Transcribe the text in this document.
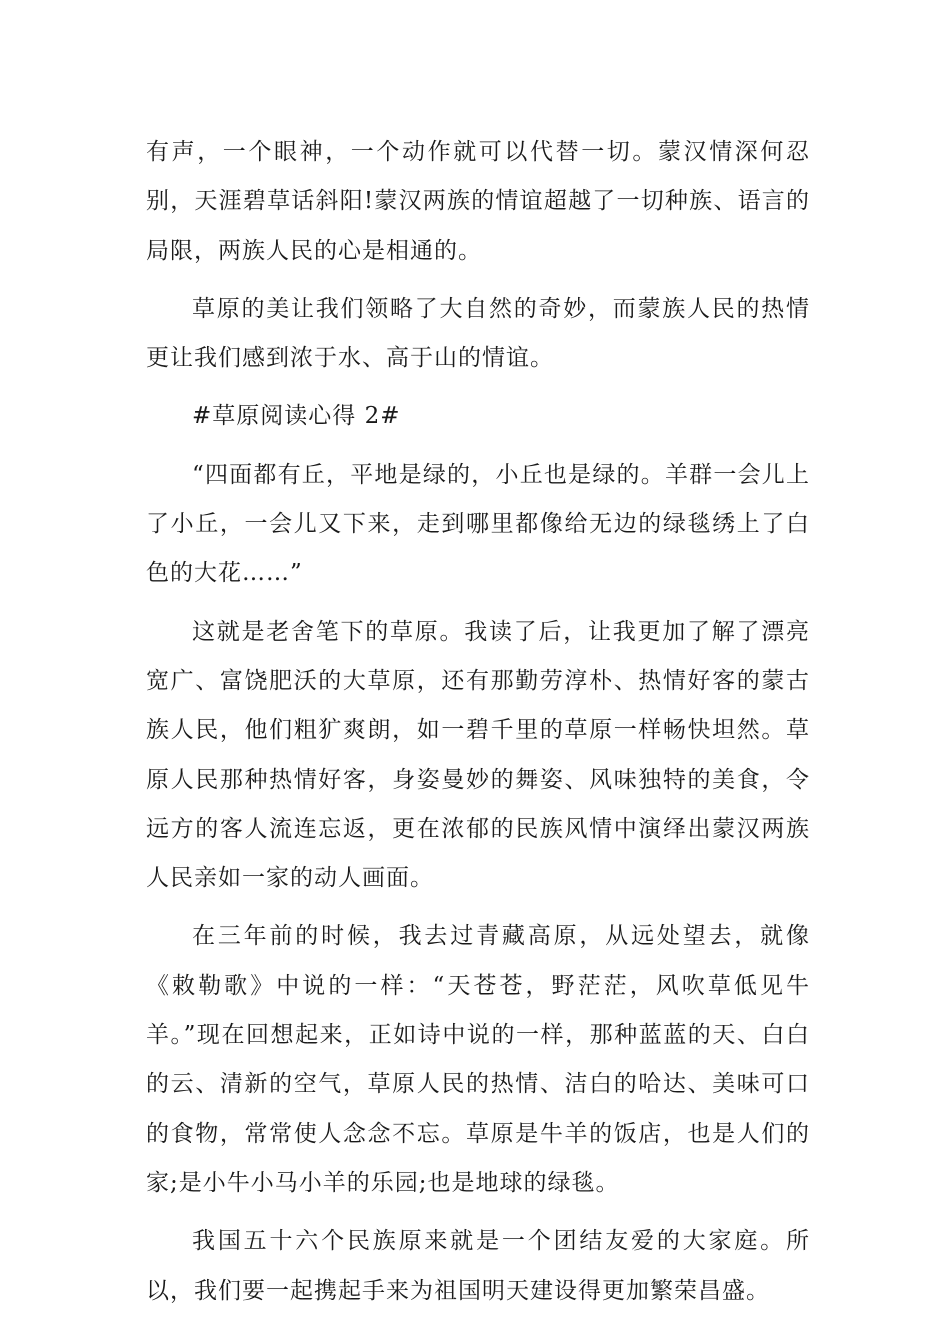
有声，一个眼神，一个动作就可以代替一切。蒙汉情深何忍别，天涯碧草话斜阳!蒙汉两族的情谊超越了一切种族、语言的局限，两族人民的心是相通的。

草原的美让我们领略了大自然的奇妙，而蒙族人民的热情更让我们感到浓于水、高于山的情谊。

#草原阅读心得 2#

“四面都有丘，平地是绿的，小丘也是绿的。羊群一会儿上了小丘，一会儿又下来，走到哪里都像给无边的绿毯绣上了白色的大花……”

这就是老舍笔下的草原。我读了后，让我更加了解了漂亮宽广、富饶肥沃的大草原，还有那勤劳淳朴、热情好客的蒙古族人民，他们粗犷爽朗，如一碧千里的草原一样畅快坦然。草原人民那种热情好客，身姿曼妙的舞姿、风味独特的美食，令远方的客人流连忘返，更在浓郁的民族风情中演绎出蒙汉两族人民亲如一家的动人画面。

在三年前的时候，我去过青藏高原，从远处望去，就像《敕勒歌》中说的一样：“天苍苍，野茫茫，风吹草低见牛羊。”现在回想起来，正如诗中说的一样，那种蓝蓝的天、白白的云、清新的空气，草原人民的热情、洁白的哈达、美味可口的食物，常常使人念念不忘。草原是牛羊的饭店，也是人们的家;是小牛小马小羊的乐园;也是地球的绿毯。

我国五十六个民族原来就是一个团结友爱的大家庭。所以，我们要一起携起手来为祖国明天建设得更加繁荣昌盛。
